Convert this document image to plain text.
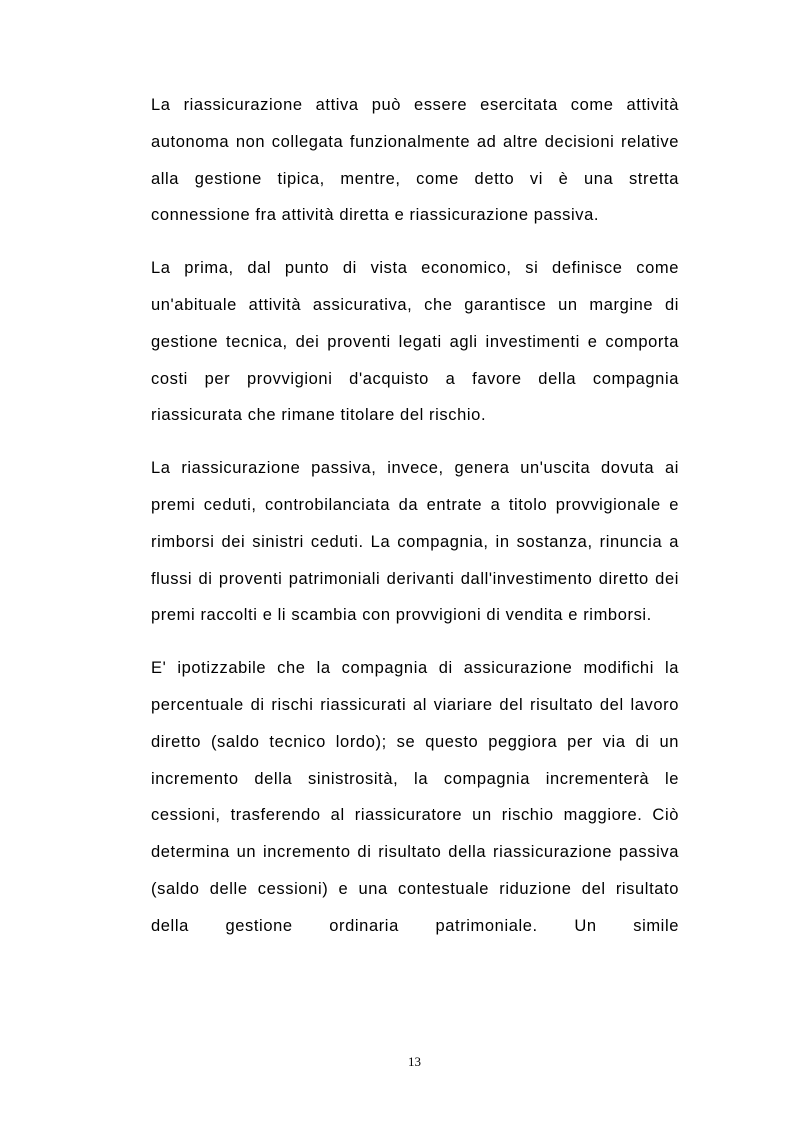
La riassicurazione attiva può essere esercitata come attività autonoma non collegata funzionalmente ad altre decisioni relative alla gestione tipica, mentre, come detto vi è una stretta connessione fra attività diretta e riassicurazione passiva.

La prima, dal punto di vista economico, si definisce come un'abituale attività assicurativa, che garantisce un margine di gestione tecnica, dei proventi legati agli investimenti e comporta costi per provvigioni d'acquisto a favore della compagnia riassicurata che rimane titolare del rischio.

La riassicurazione passiva, invece, genera un'uscita dovuta ai premi ceduti, controbilanciata da entrate a titolo provvigionale e rimborsi dei sinistri ceduti. La compagnia, in sostanza, rinuncia a flussi di proventi patrimoniali derivanti dall'investimento diretto dei premi raccolti e li scambia con provvigioni di vendita e rimborsi.

E' ipotizzabile che la compagnia di assicurazione modifichi la percentuale di rischi riassicurati al viariare del risultato del lavoro diretto (saldo tecnico lordo); se questo peggiora per via di un incremento della sinistrosità, la compagnia incrementerà le cessioni, trasferendo al riassicuratore un rischio maggiore. Ciò determina un incremento di risultato della riassicurazione passiva (saldo delle cessioni) e una contestuale riduzione del risultato della gestione ordinaria patrimoniale. Un simile

13
